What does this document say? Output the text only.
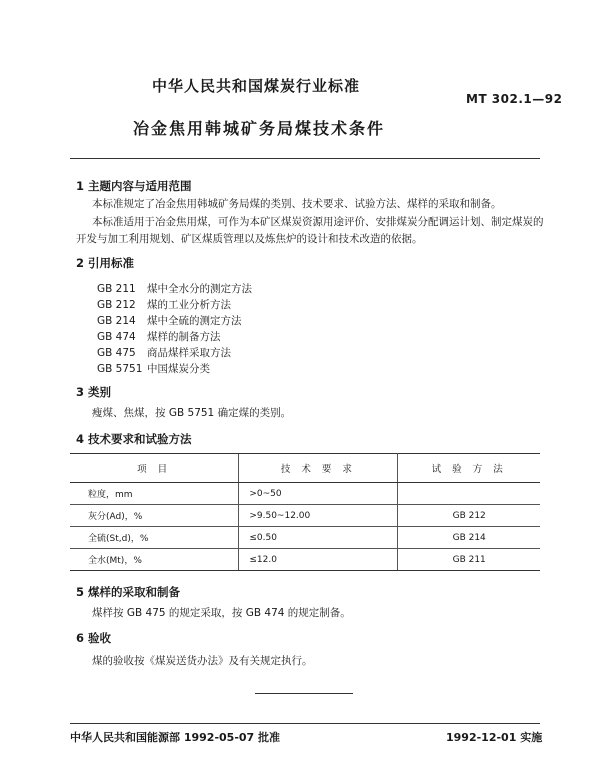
中华人民共和国煤炭行业标准
MT 302.1—92
冶金焦用韩城矿务局煤技术条件
1 主题内容与适用范围
本标准规定了冶金焦用韩城矿务局煤的类别、技术要求、试验方法、煤样的采取和制备。
本标准适用于冶金焦用煤，可作为本矿区煤炭资源用途评价、安排煤炭分配调运计划、制定煤炭的
开发与加工利用规划、矿区煤质管理以及炼焦炉的设计和技术改造的依据。
2 引用标准
GB 211 煤中全水分的测定方法
GB 212 煤的工业分析方法
GB 214 煤中全硫的测定方法
GB 474 煤样的制备方法
GB 475 商品煤样采取方法
GB 5751 中国煤炭分类
3 类别
瘦煤、焦煤，按 GB 5751 确定煤的类别。
4 技术要求和试验方法
项 目	技 术 要 求	试 验 方 法
粒度，mm	>0~50	
灰分(Ad)，%	>9.50~12.00	GB 212
全硫(St,d)，%	≤0.50	GB 214
全水(Mt)，%	≤12.0	GB 211
5 煤样的采取和制备
煤样按 GB 475 的规定采取，按 GB 474 的规定制备。
6 验收
煤的验收按《煤炭送货办法》及有关规定执行。
中华人民共和国能源部 1992-05-07 批准	1992-12-01 实施
